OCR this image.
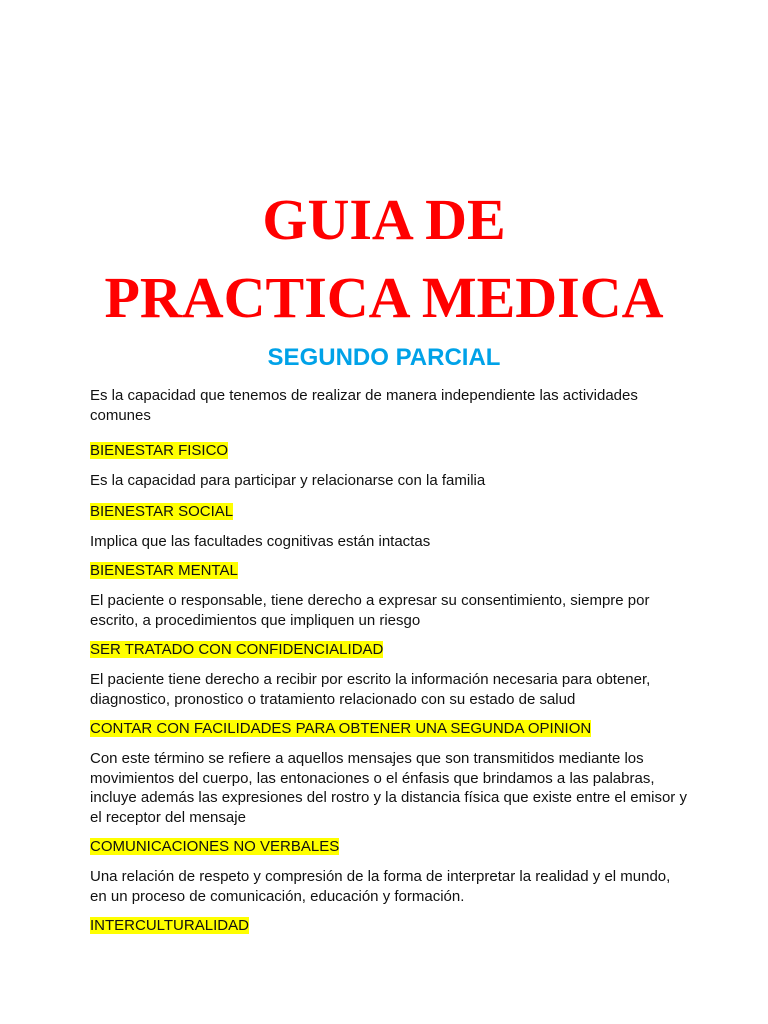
GUIA DE
PRACTICA MEDICA
SEGUNDO PARCIAL

Es la capacidad que tenemos de realizar de manera independiente las actividades comunes

BIENESTAR FISICO

Es la capacidad para participar y relacionarse con la familia

BIENESTAR SOCIAL

Implica que las facultades cognitivas están intactas

BIENESTAR MENTAL

El paciente o responsable, tiene derecho a expresar su consentimiento, siempre por escrito, a procedimientos que impliquen un riesgo

SER TRATADO CON CONFIDENCIALIDAD

El paciente tiene derecho a recibir por escrito la información necesaria para obtener, diagnostico, pronostico o tratamiento relacionado con su estado de salud

CONTAR CON FACILIDADES PARA OBTENER UNA SEGUNDA OPINION

Con este término se refiere a aquellos mensajes que son transmitidos mediante los movimientos del cuerpo, las entonaciones o el énfasis que brindamos a las palabras, incluye además las expresiones del rostro y la distancia física que existe entre el emisor y el receptor del mensaje

COMUNICACIONES NO VERBALES

Una relación de respeto y compresión de la forma de interpretar la realidad y el mundo, en un proceso de comunicación, educación y formación.

INTERCULTURALIDAD
